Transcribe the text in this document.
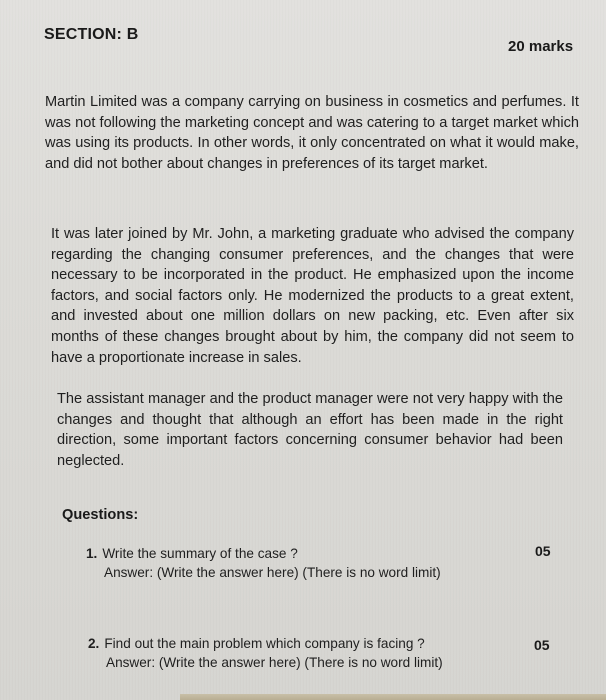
SECTION: B
20 marks
Martin Limited was a company carrying on business in cosmetics and perfumes. It was not following the marketing concept and was catering to a target market which was using its products. In other words, it only concentrated on what it would make, and did not bother about changes in preferences of its target market.
It was later joined by Mr. John, a marketing graduate who advised the company regarding the changing consumer preferences, and the changes that were necessary to be incorporated in the product. He emphasized upon the income factors, and social factors only. He modernized the products to a great extent, and invested about one million dollars on new packing, etc. Even after six months of these changes brought about by him, the company did not seem to have a proportionate increase in sales.
The assistant manager and the product manager were not very happy with the changes and thought that although an effort has been made in the right direction, some important factors concerning consumer behavior had been neglected.
Questions:
1. Write the summary of the case ?
Answer: (Write the answer here) (There is no word limit)
05
2. Find out the main problem which company is facing ?
Answer: (Write the answer here) (There is no word limit)
05
